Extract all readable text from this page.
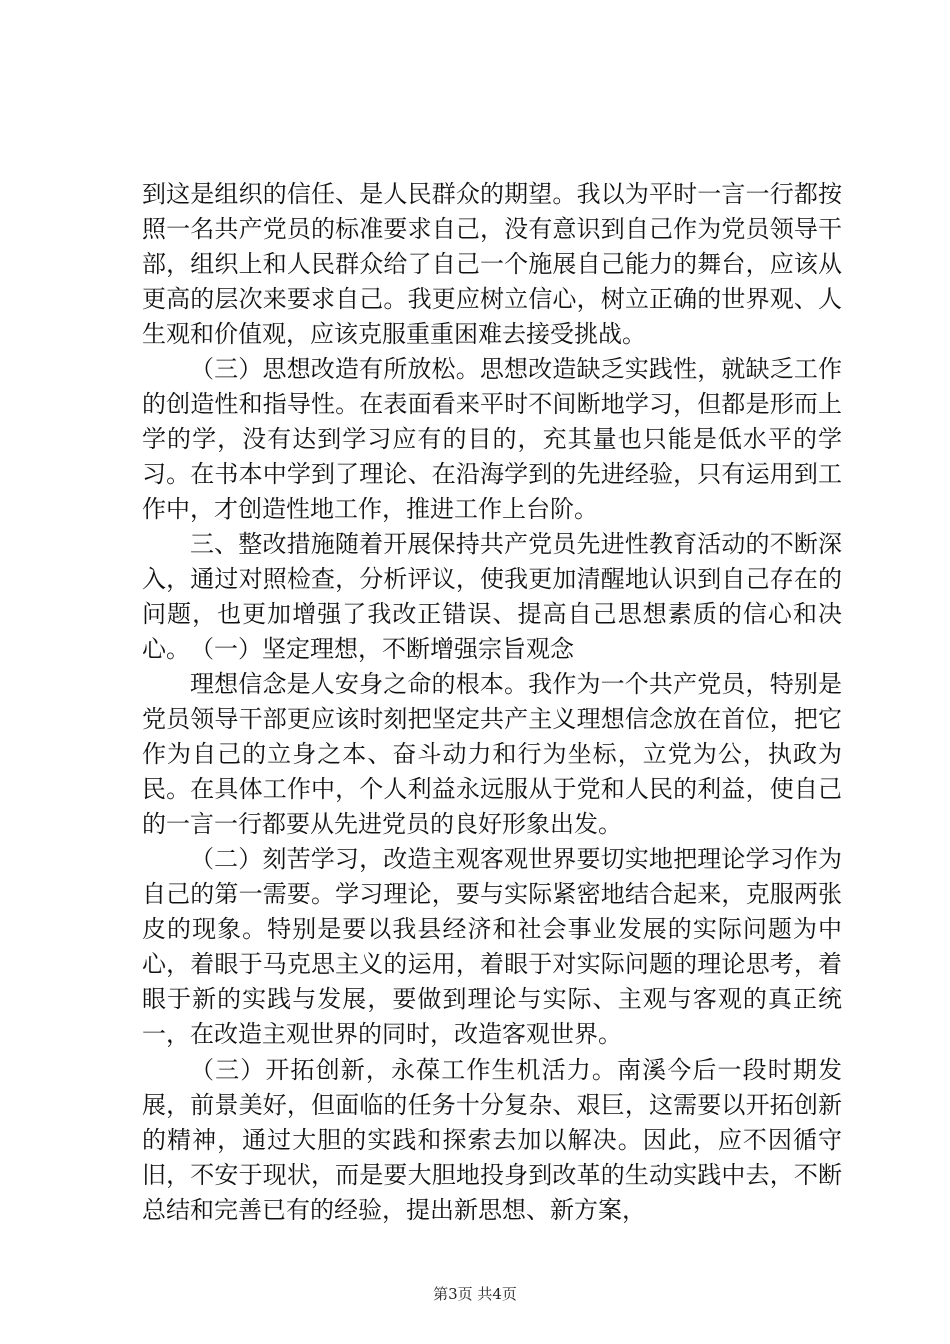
到这是组织的信任、是人民群众的期望。我以为平时一言一行都按照一名共产党员的标准要求自己，没有意识到自己作为党员领导干部，组织上和人民群众给了自己一个施展自己能力的舞台，应该从更高的层次来要求自己。我更应树立信心，树立正确的世界观、人生观和价值观，应该克服重重困难去接受挑战。

（三）思想改造有所放松。思想改造缺乏实践性，就缺乏工作的创造性和指导性。在表面看来平时不间断地学习，但都是形而上学的学，没有达到学习应有的目的，充其量也只能是低水平的学习。在书本中学到了理论、在沿海学到的先进经验，只有运用到工作中，才创造性地工作，推进工作上台阶。

三、整改措施随着开展保持共产党员先进性教育活动的不断深入，通过对照检查，分析评议，使我更加清醒地认识到自己存在的问题，也更加增强了我改正错误、提高自己思想素质的信心和决心。 （一）坚定理想，不断增强宗旨观念

理想信念是人安身之命的根本。我作为一个共产党员，特别是党员领导干部更应该时刻把坚定共产主义理想信念放在首位，把它作为自己的立身之本、奋斗动力和行为坐标，立党为公，执政为民。在具体工作中，个人利益永远服从于党和人民的利益，使自己的一言一行都要从先进党员的良好形象出发。

（二）刻苦学习，改造主观客观世界要切实地把理论学习作为自己的第一需要。学习理论，要与实际紧密地结合起来，克服两张皮的现象。特别是要以我县经济和社会事业发展的实际问题为中心，着眼于马克思主义的运用，着眼于对实际问题的理论思考，着眼于新的实践与发展，要做到理论与实际、主观与客观的真正统一，在改造主观世界的同时，改造客观世界。

（三）开拓创新，永葆工作生机活力。南溪今后一段时期发展，前景美好，但面临的任务十分复杂、艰巨，这需要以开拓创新的精神，通过大胆的实践和探索去加以解决。因此，应不因循守旧，不安于现状，而是要大胆地投身到改革的生动实践中去，不断总结和完善已有的经验，提出新思想、新方案，

第3页 共4页
